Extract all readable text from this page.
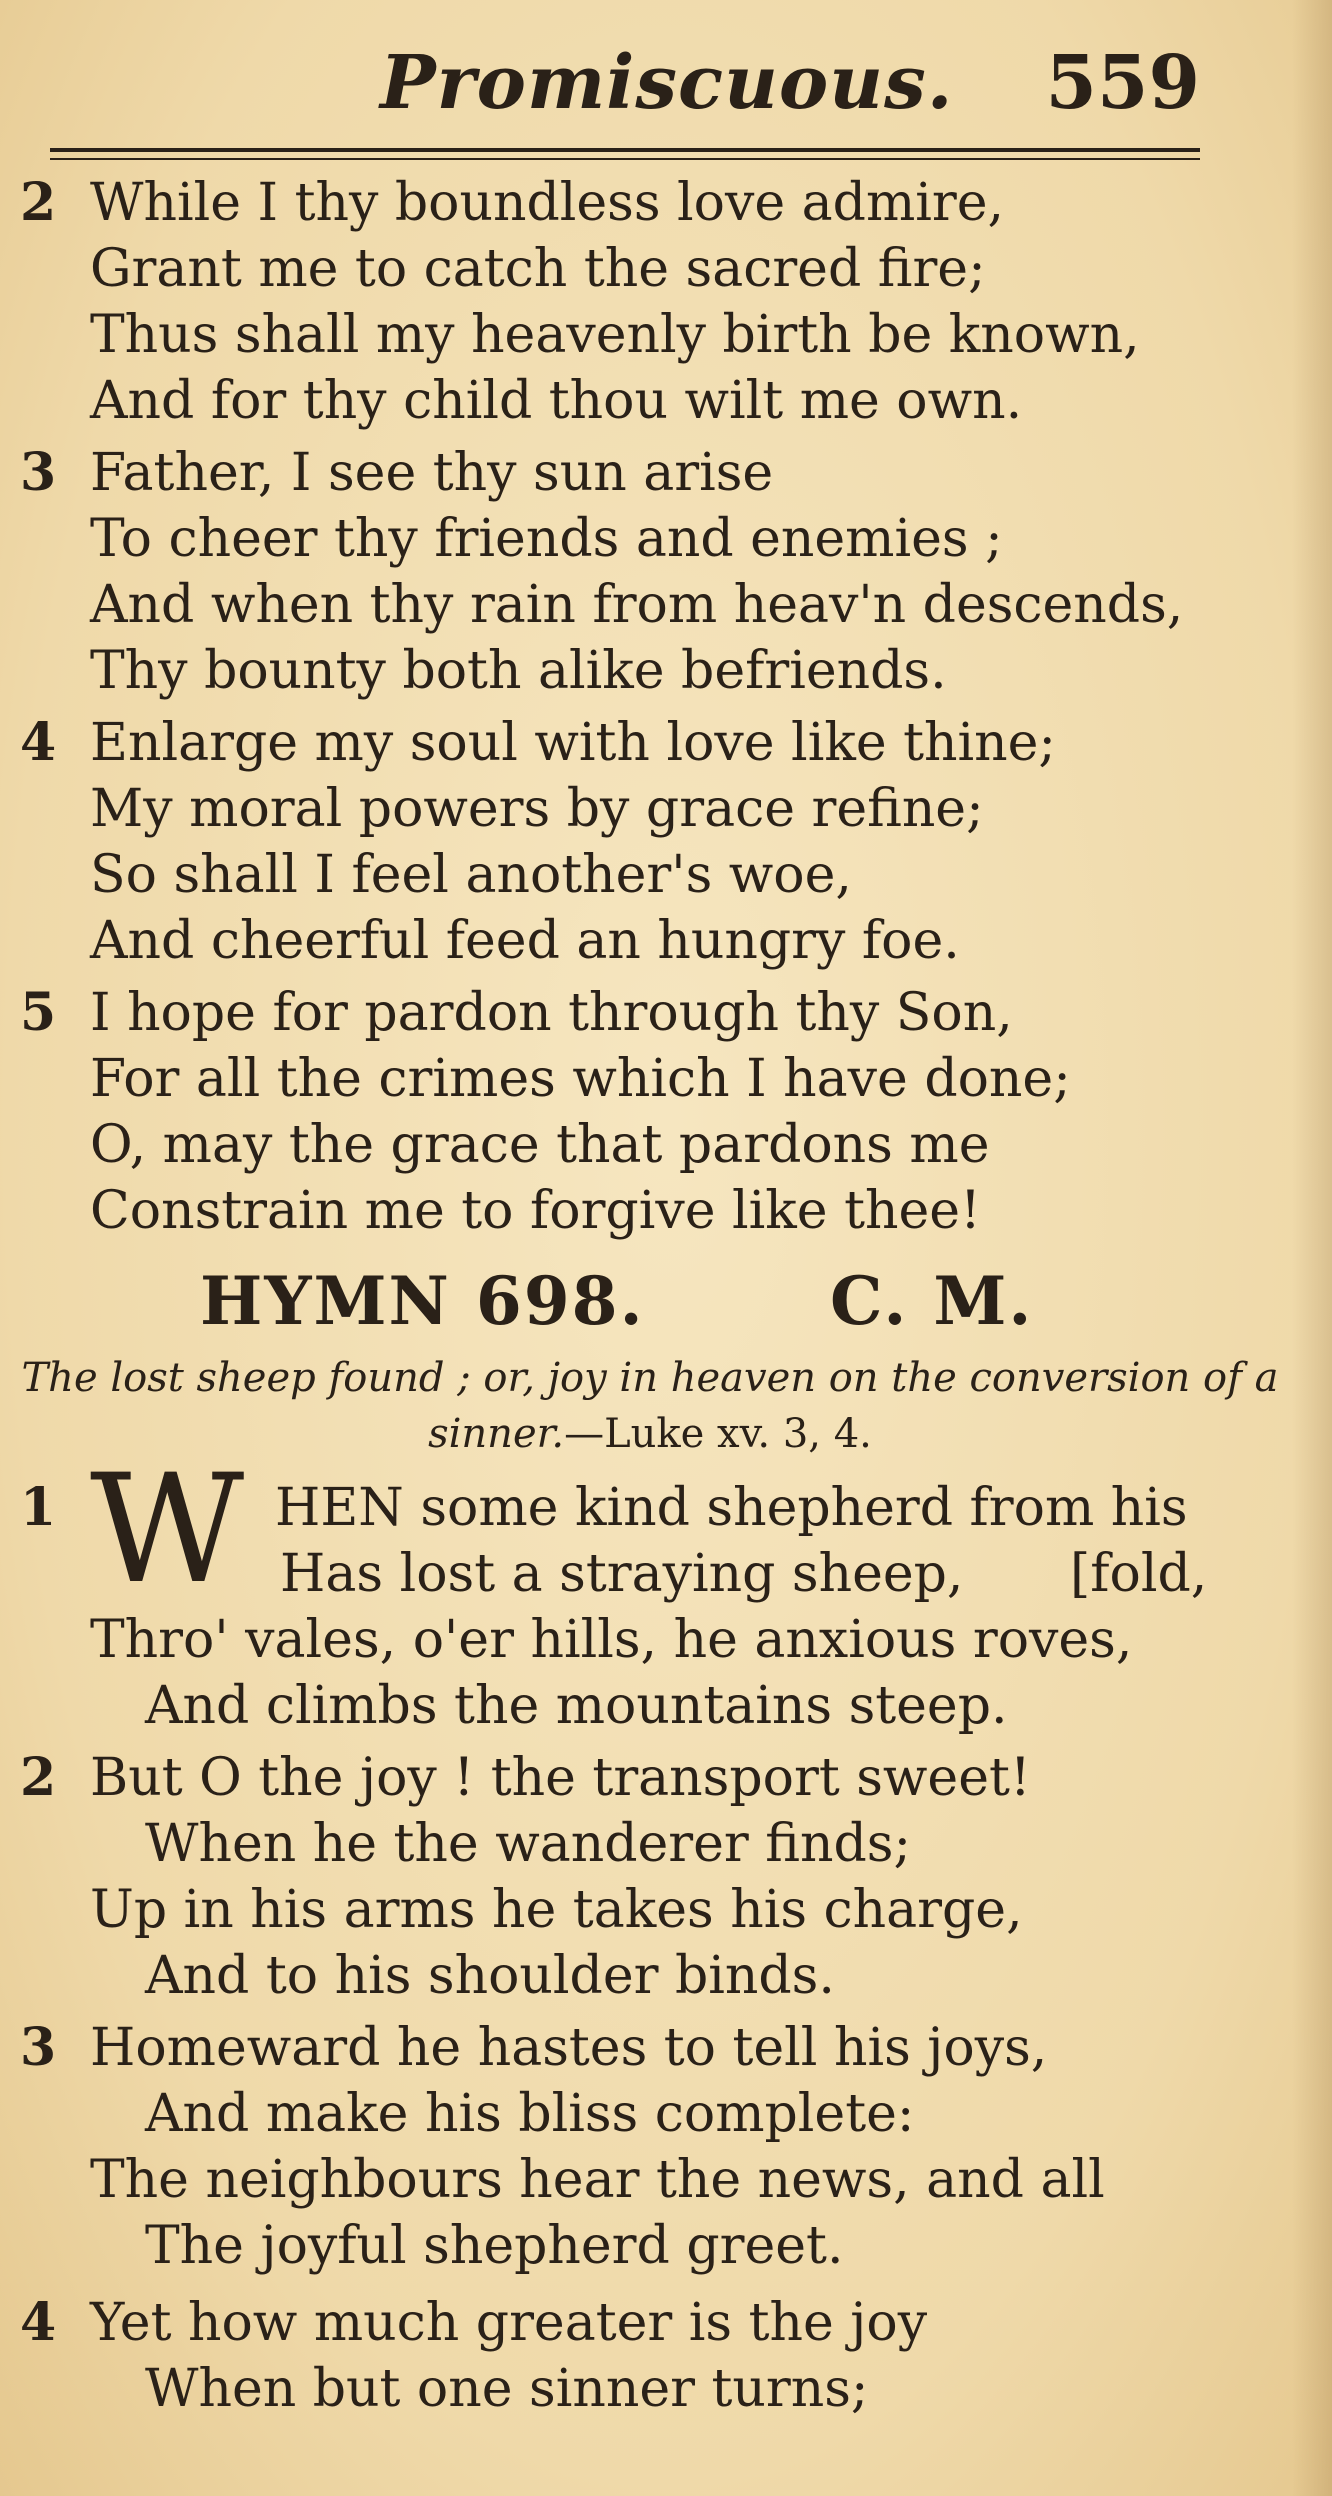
Promiscuous. 559
2 While I thy boundless love admire,
Grant me to catch the sacred fire;
Thus shall my heavenly birth be known,
And for thy child thou wilt me own.
3 Father, I see thy sun arise
To cheer thy friends and enemies ;
And when thy rain from heav'n descends,
Thy bounty both alike befriends.
4 Enlarge my soul with love like thine;
My moral powers by grace refine;
So shall I feel another's woe,
And cheerful feed an hungry foe.
5 I hope for pardon through thy Son,
For all the crimes which I have done;
O, may the grace that pardons me
Constrain me to forgive like thee!
HYMN 698.	C. M.
The lost sheep found ; or, joy in heaven on the conversion of a sinner.—Luke xv. 3, 4.
1 W HEN some kind shepherd from his
Has lost a straying sheep, [fold,
Thro' vales, o'er hills, he anxious roves,
And climbs the mountains steep.
2 But O the joy ! the transport sweet!
When he the wanderer finds;
Up in his arms he takes his charge,
And to his shoulder binds.
3 Homeward he hastes to tell his joys,
And make his bliss complete:
The neighbours hear the news, and all
The joyful shepherd greet.
4 Yet how much greater is the joy
When but one sinner turns;
